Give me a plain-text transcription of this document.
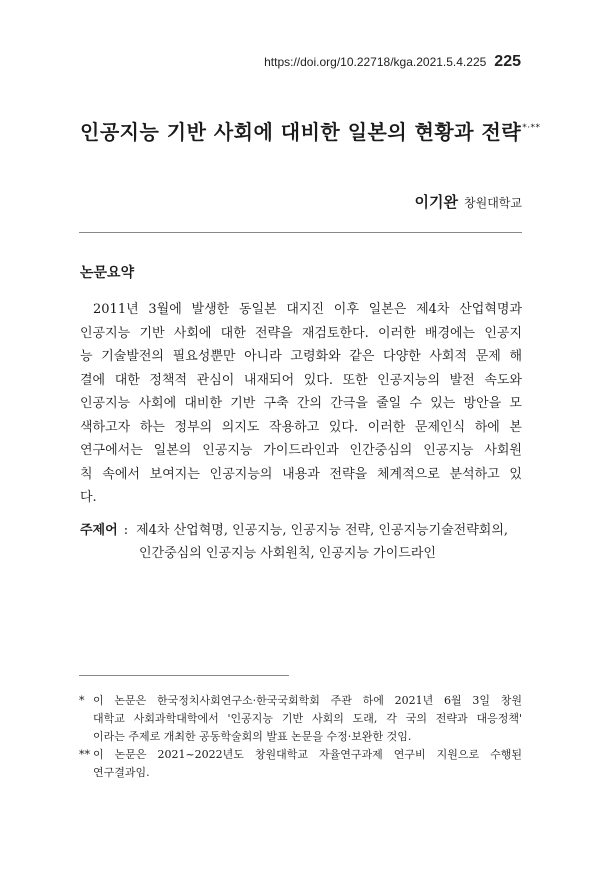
https://doi.org/10.22718/kga.2021.5.4.225 225
인공지능 기반 사회에 대비한 일본의 현황과 전략*·**
이기완 창원대학교
논문요약
2011년 3월에 발생한 동일본 대지진 이후 일본은 제4차 산업혁명과
인공지능 기반 사회에 대한 전략을 재검토한다. 이러한 배경에는 인공지
능 기술발전의 필요성뿐만 아니라 고령화와 같은 다양한 사회적 문제 해
결에 대한 정책적 관심이 내재되어 있다. 또한 인공지능의 발전 속도와
인공지능 사회에 대비한 기반 구축 간의 간극을 줄일 수 있는 방안을 모
색하고자 하는 정부의 의지도 작용하고 있다. 이러한 문제인식 하에 본
연구에서는 일본의 인공지능 가이드라인과 인간중심의 인공지능 사회원
칙 속에서 보여지는 인공지능의 내용과 전략을 체계적으로 분석하고 있
다.
주제어 : 제4차 산업혁명, 인공지능, 인공지능 전략, 인공지능기술전략회의,
인간중심의 인공지능 사회원칙, 인공지능 가이드라인
* 이 논문은 한국정치사회연구소·한국국회학회 주관 하에 2021년 6월 3일 창원
대학교 사회과학대학에서 '인공지능 기반 사회의 도래, 각 국의 전략과 대응정책'
이라는 주제로 개최한 공동학술회의 발표 논문을 수정·보완한 것임.
** 이 논문은 2021~2022년도 창원대학교 자율연구과제 연구비 지원으로 수행된
연구결과임.
